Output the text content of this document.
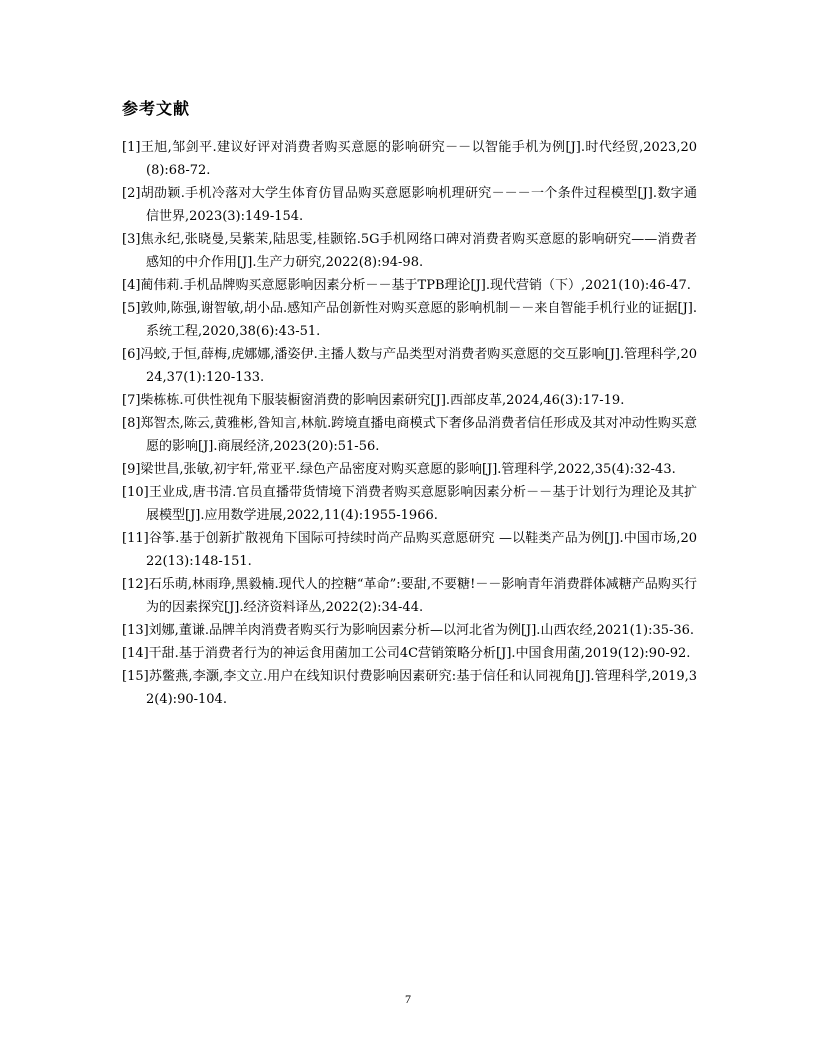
参考文献
[1]王旭,邹剑平.建议好评对消费者购买意愿的影响研究－－以智能手机为例[J].时代经贸,2023,20(8):68-72.
[2]胡劭颖.手机冷落对大学生体育仿冒品购买意愿影响机理研究－－－一个条件过程模型[J].数字通信世界,2023(3):149-154.
[3]焦永纪,张晓曼,吴紫茉,陆思雯,桂颢铭.5G手机网络口碑对消费者购买意愿的影响研究——消费者感知的中介作用[J].生产力研究,2022(8):94-98.
[4]蔺伟莉.手机品牌购买意愿影响因素分析－－基于TPB理论[J].现代营销（下）,2021(10):46-47.
[5]敦帅,陈强,谢智敏,胡小品.感知产品创新性对购买意愿的影响机制－－来自智能手机行业的证据[J].系统工程,2020,38(6):43-51.
[6]冯蛟,于恒,薛梅,虎娜娜,潘姿伊.主播人数与产品类型对消费者购买意愿的交互影响[J].管理科学,2024,37(1):120-133.
[7]柴栋栋.可供性视角下服装橱窗消费的影响因素研究[J].西部皮革,2024,46(3):17-19.
[8]郑智杰,陈云,黄雅彬,昝知言,林航.跨境直播电商模式下奢侈品消费者信任形成及其对冲动性购买意愿的影响[J].商展经济,2023(20):51-56.
[9]梁世昌,张敏,初宇轩,常亚平.绿色产品密度对购买意愿的影响[J].管理科学,2022,35(4):32-43.
[10]王业成,唐书清.官员直播带货情境下消费者购买意愿影响因素分析－－基于计划行为理论及其扩展模型[J].应用数学进展,2022,11(4):1955-1966.
[11]谷筝.基于创新扩散视角下国际可持续时尚产品购买意愿研究 —以鞋类产品为例[J].中国市场,2022(13):148-151.
[12]石乐萌,林雨琤,黑毅楠.现代人的控糖“革命”:要甜,不要糖!－－影响青年消费群体减糖产品购买行为的因素探究[J].经济资料译丛,2022(2):34-44.
[13]刘娜,董谦.品牌羊肉消费者购买行为影响因素分析—以河北省为例[J].山西农经,2021(1):35-36.
[14]干甜.基于消费者行为的神运食用菌加工公司4C营销策略分析[J].中国食用菌,2019(12):90-92.
[15]苏鳖燕,李灏,李文立.用户在线知识付费影响因素研究:基于信任和认同视角[J].管理科学,2019,32(4):90-104.
7
